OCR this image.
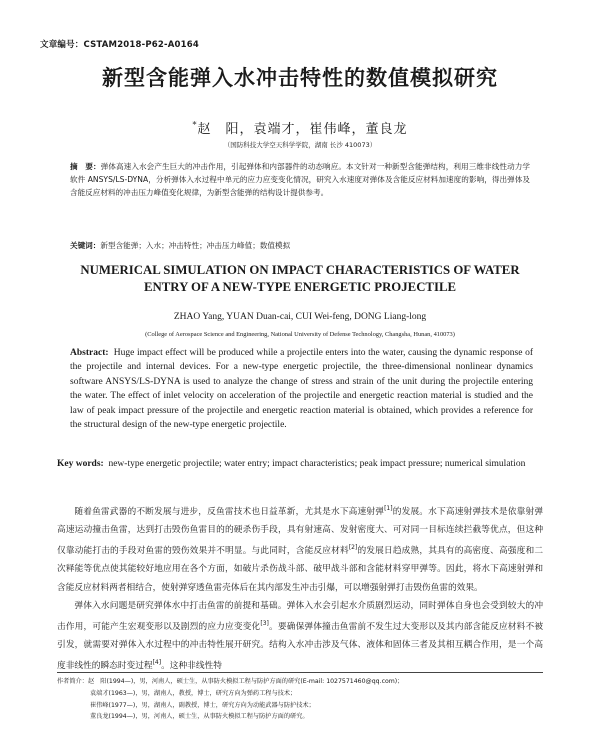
文章编号：CSTAM2018-P62-A0164
新型含能弹入水冲击特性的数值模拟研究
*赵　阳，袁端才，崔伟峰，董良龙
（国防科技大学空天科学学院，湖南 长沙 410073）
摘　要：弹体高速入水会产生巨大的冲击作用，引起弹体和内部器件的动态响应。本文针对一种新型含能弹结构，利用三维非线性动力学软件 ANSYS/LS-DYNA，分析弹体入水过程中单元的应力应变变化情况，研究入水速度对弹体及含能反应材料加速度的影响，得出弹体及含能反应材料的冲击压力峰值变化规律，为新型含能弹的结构设计提供参考。
关键词：新型含能弹；入水；冲击特性；冲击压力峰值；数值模拟
NUMERICAL SIMULATION ON IMPACT CHARACTERISTICS OF WATER
ENTRY OF A NEW-TYPE ENERGETIC PROJECTILE
ZHAO Yang, YUAN Duan-cai, CUI Wei-feng, DONG Liang-long
(College of Aerospace Science and Engineering, National University of Defense Technology, Changsha, Hunan, 410073)
Abstract: Huge impact effect will be produced while a projectile enters into the water, causing the dynamic response of the projectile and internal devices. For a new-type energetic projectile, the three-dimensional nonlinear dynamics software ANSYS/LS-DYNA is used to analyze the change of stress and strain of the unit during the projectile entering the water. The effect of inlet velocity on acceleration of the projectile and energetic reaction material is studied and the law of peak impact pressure of the projectile and energetic reaction material is obtained, which provides a reference for the structural design of the new-type energetic projectile.
Key words: new-type energetic projectile; water entry; impact characteristics; peak impact pressure; numerical simulation

随着鱼雷武器的不断发展与进步，反鱼雷技术也日益革新，尤其是水下高速射弹[1]的发展。水下高速射弹技术是依靠射弹高速运动撞击鱼雷，达到打击毁伤鱼雷目的的硬杀伤手段，具有射速高、发射密度大、可对同一目标连续拦截等优点，但这种仅靠动能打击的手段对鱼雷的毁伤效果并不明显。与此同时，含能反应材料[2]的发展日趋成熟，其具有的高密度、高强度和二次释能等优点使其能较好地应用在各个方面，如破片杀伤战斗部、破甲战斗部和含能材料穿甲弹等。因此，将水下高速射弹和含能反应材料两者相结合，使射弹穿透鱼雷壳体后在其内部发生冲击引爆，可以增强射弹打击毁伤鱼雷的效果。

弹体入水问题是研究弹体水中打击鱼雷的前提和基础。弹体入水会引起水介质剧烈运动，同时弹体自身也会受到较大的冲击作用，可能产生宏观变形以及剧烈的应力应变变化[3]。要确保弹体撞击鱼雷前不发生过大变形以及其内部含能反应材料不被引发，就需要对弹体入水过程中的冲击特性展开研究。结构入水冲击涉及气体、液体和固体三者及其相互耦合作用，是一个高度非线性的瞬态时变过程[4]。这种非线性特

作者简介：赵　阳(1994—)，男，河南人，硕士生，从事防火模拟工程与防护方面的研究(E-mail: 1027571460@qq.com)；
袁端才(1963—)，男，湖南人，教授，博士，研究方向为弹药工程与技术；
崔伟峰(1977—)，男，湖南人，副教授，博士，研究方向为动能武器与防护技术；
董良龙(1994—)，男，河南人，硕士生，从事防火模拟工程与防护方面的研究。
